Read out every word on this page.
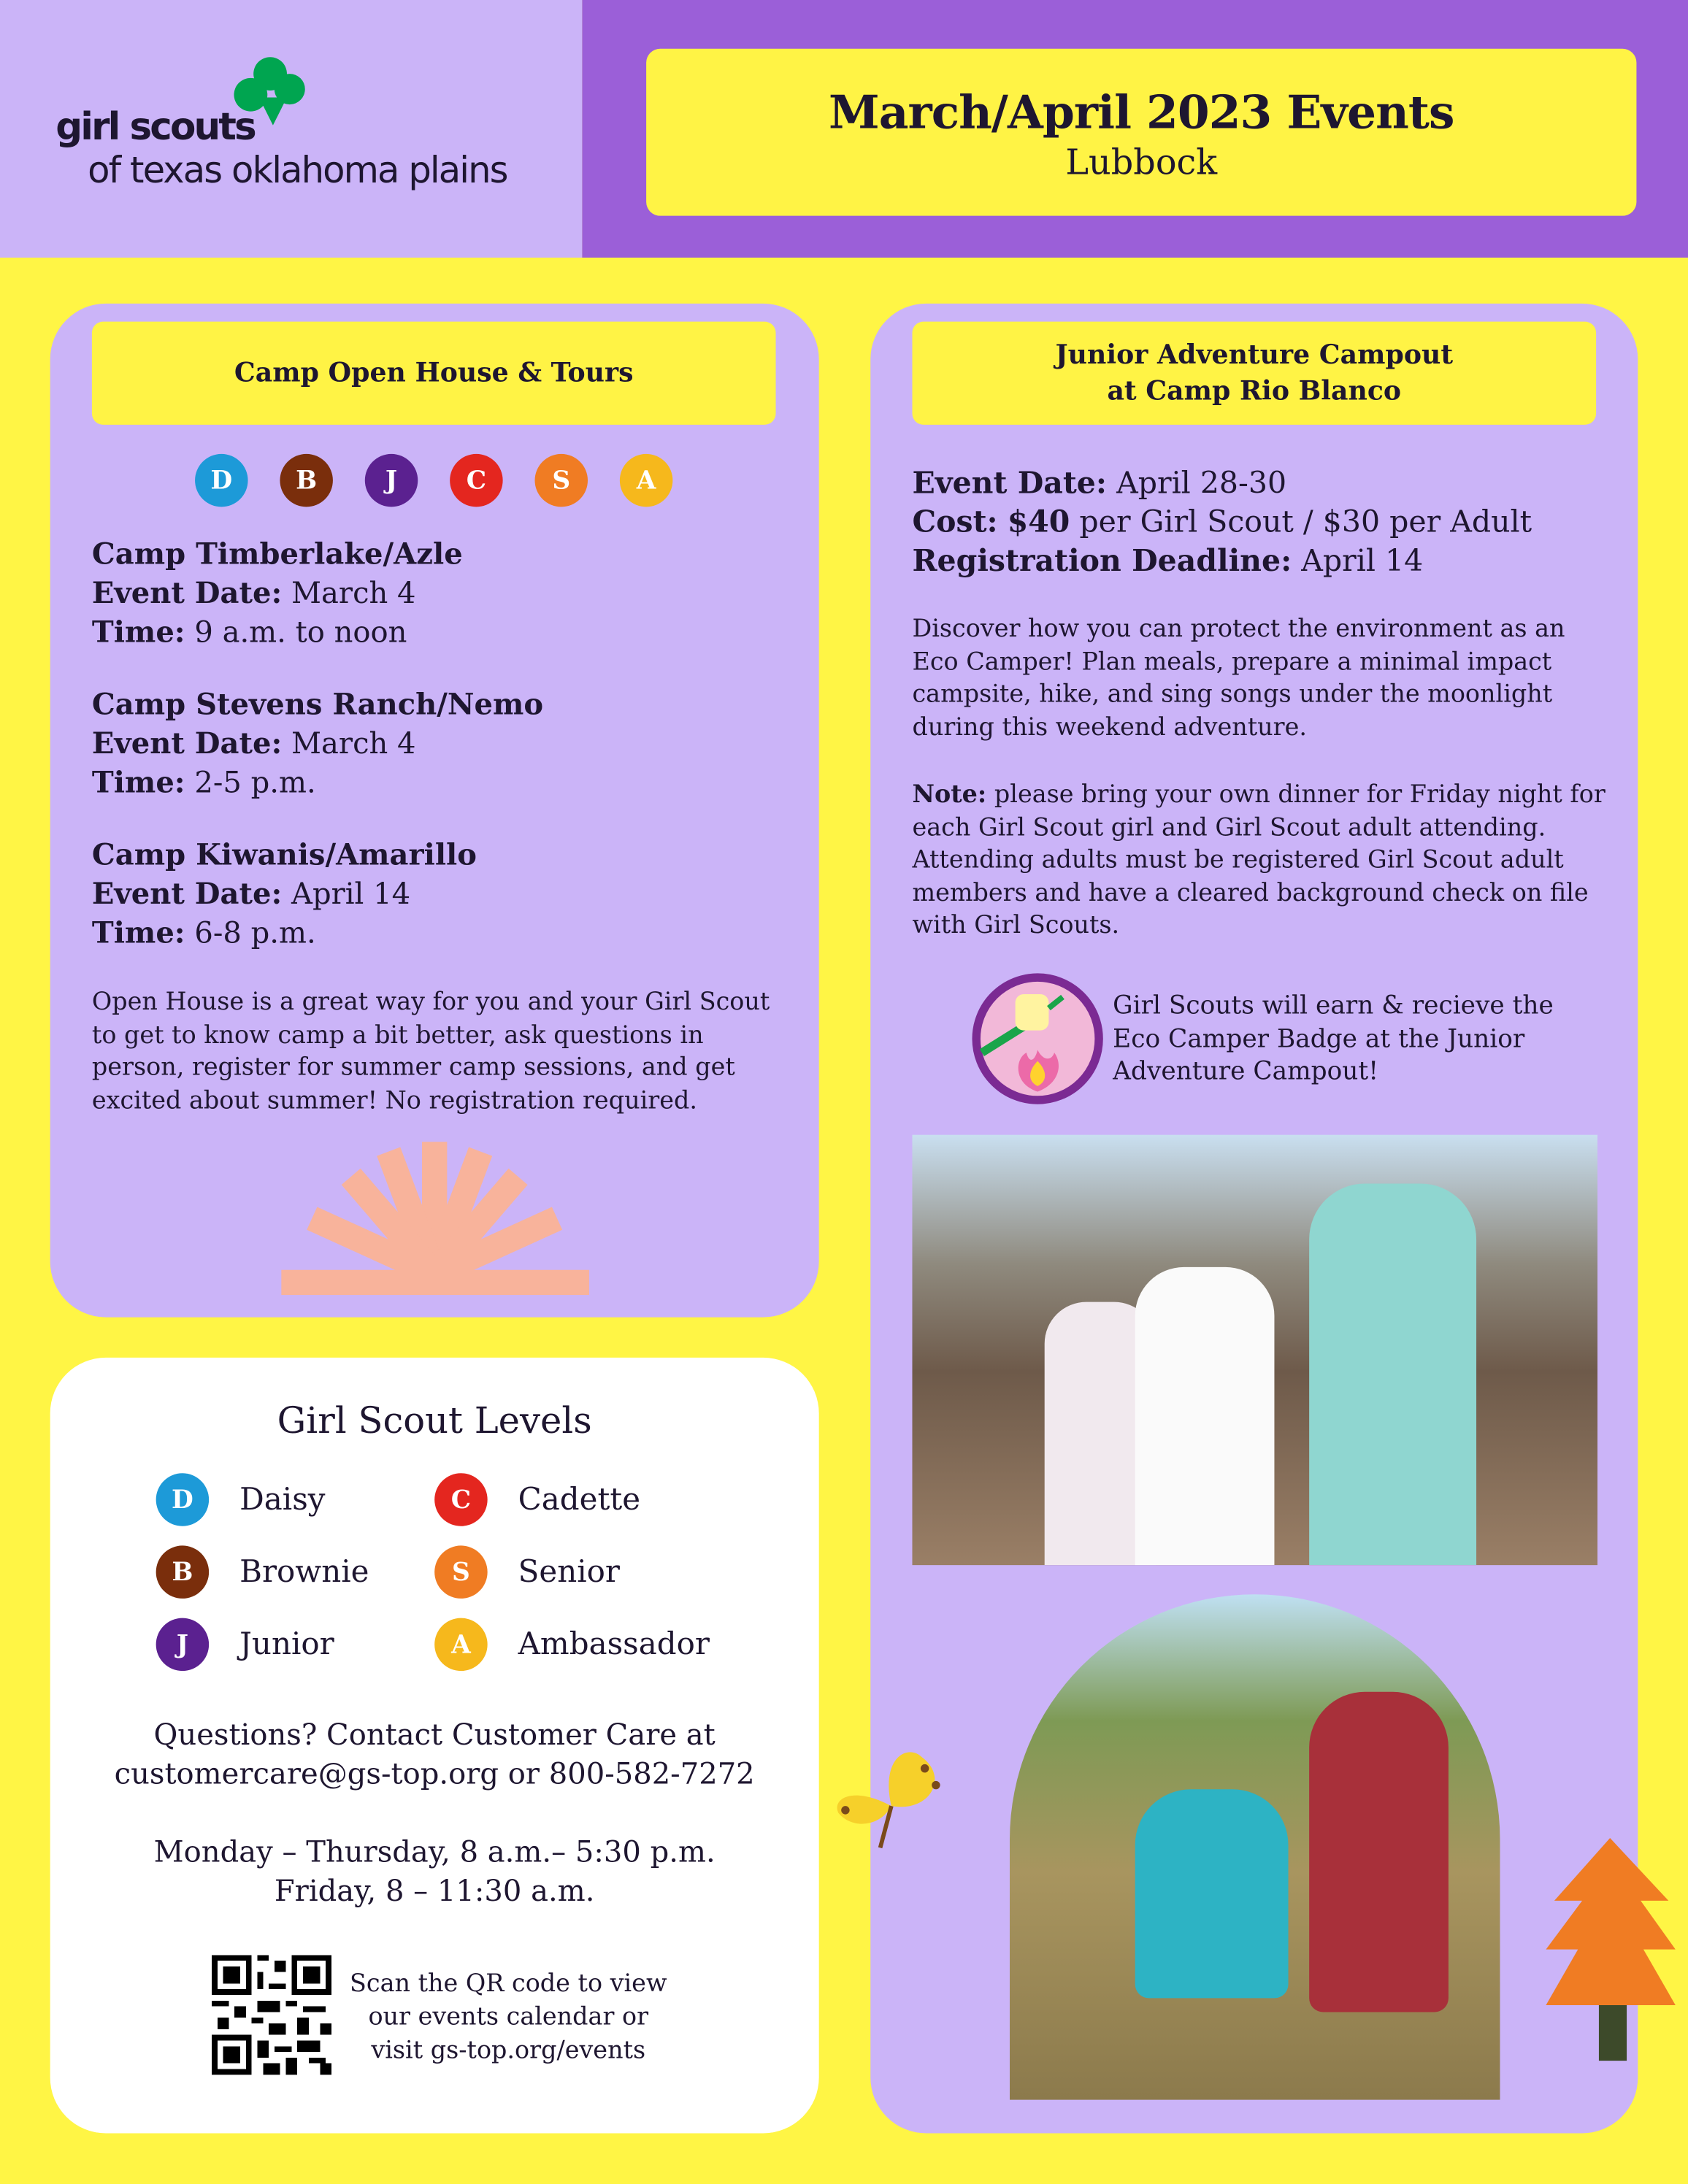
girl scouts
of texas oklahoma plains
March/April 2023 Events
Lubbock
Camp Open House & Tours
D	B	J	C	S	A
Camp Timberlake/Azle
Event Date: March 4
Time: 9 a.m. to noon
Camp Stevens Ranch/Nemo
Event Date: March 4
Time: 2-5 p.m.
Camp Kiwanis/Amarillo
Event Date: April 14
Time: 6-8 p.m.
Open House is a great way for you and your Girl Scout to get to know camp a bit better, ask questions in person, register for summer camp sessions, and get excited about summer! No registration required.
Girl Scout Levels
D	Daisy	C	Cadette
B	Brownie	S	Senior
J	Junior	A	Ambassador
Questions? Contact Customer Care at
customercare@gs-top.org or 800-582-7272
Monday – Thursday, 8 a.m.– 5:30 p.m.
Friday, 8 – 11:30 a.m.
Scan the QR code to view
our events calendar or
visit gs-top.org/events
Junior Adventure Campout
at Camp Rio Blanco
Event Date: April 28-30
Cost: $40 per Girl Scout / $30 per Adult
Registration Deadline: April 14
Discover how you can protect the environment as an Eco Camper! Plan meals, prepare a minimal impact campsite, hike, and sing songs under the moonlight during this weekend adventure.
Note: please bring your own dinner for Friday night for each Girl Scout girl and Girl Scout adult attending. Attending adults must be registered Girl Scout adult members and have a cleared background check on file with Girl Scouts.
Girl Scouts will earn & recieve the Eco Camper Badge at the Junior Adventure Campout!
